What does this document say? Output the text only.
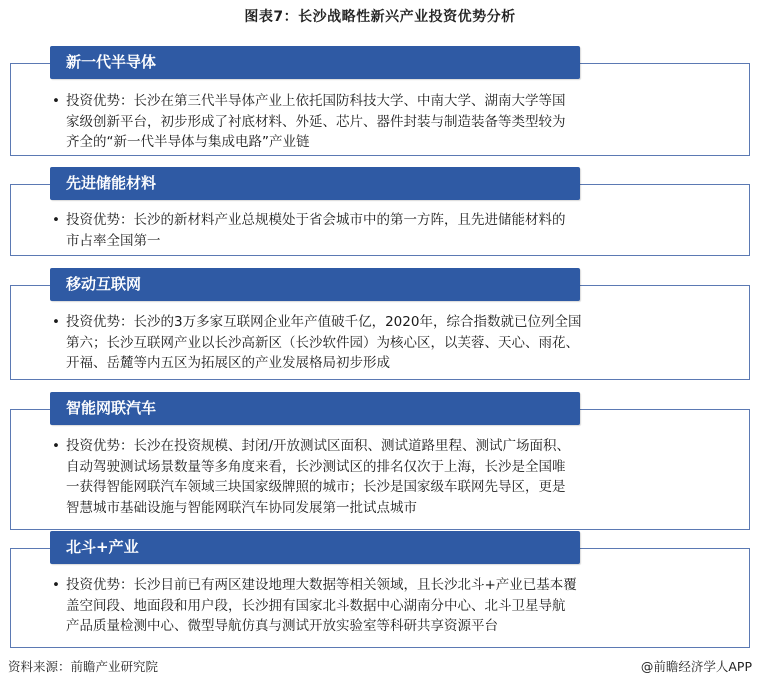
图表7：长沙战略性新兴产业投资优势分析
新一代半导体
• 投资优势：长沙在第三代半导体产业上依托国防科技大学、中南大学、湖南大学等国
家级创新平台，初步形成了衬底材料、外延、芯片、器件封装与制造装备等类型较为
齐全的“新一代半导体与集成电路”产业链
先进储能材料
• 投资优势：长沙的新材料产业总规模处于省会城市中的第一方阵，且先进储能材料的
市占率全国第一
移动互联网
• 投资优势：长沙的3万多家互联网企业年产值破千亿，2020年，综合指数就已位列全国
第六；长沙互联网产业以长沙高新区（长沙软件园）为核心区，以芙蓉、天心、雨花、
开福、岳麓等内五区为拓展区的产业发展格局初步形成
智能网联汽车
• 投资优势：长沙在投资规模、封闭/开放测试区面积、测试道路里程、测试广场面积、
自动驾驶测试场景数量等多角度来看，长沙测试区的排名仅次于上海，长沙是全国唯
一获得智能网联汽车领域三块国家级牌照的城市；长沙是国家级车联网先导区，更是
智慧城市基础设施与智能网联汽车协同发展第一批试点城市
北斗+产业
• 投资优势：长沙目前已有两区建设地理大数据等相关领域，且长沙北斗+产业已基本覆
盖空间段、地面段和用户段，长沙拥有国家北斗数据中心湖南分中心、北斗卫星导航
产品质量检测中心、微型导航仿真与测试开放实验室等科研共享资源平台
资料来源：前瞻产业研究院	@前瞻经济学人APP
